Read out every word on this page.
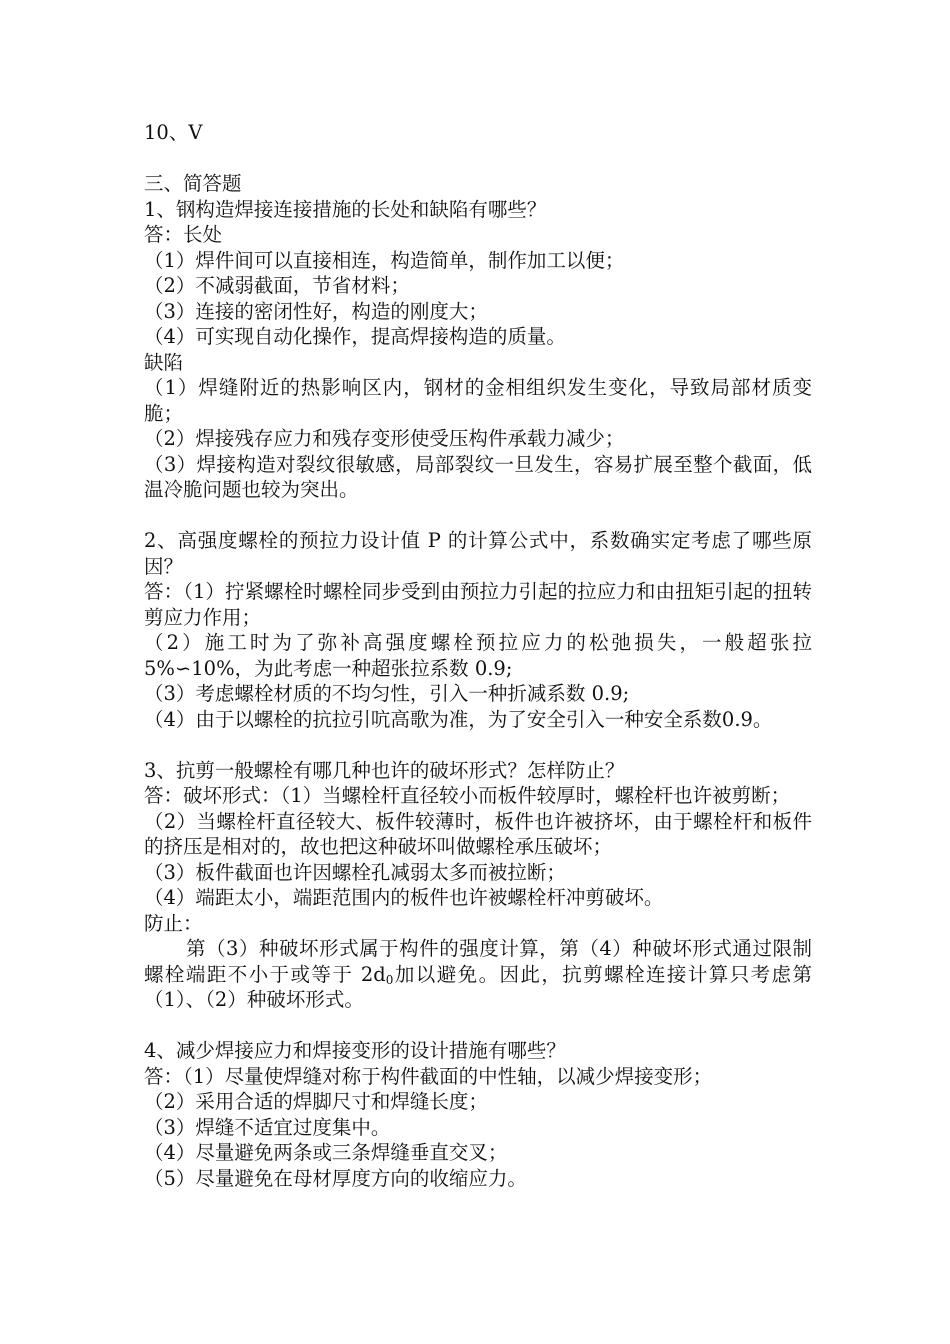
10、V
三、简答题
1、钢构造焊接连接措施的长处和缺陷有哪些？
答：长处
（1）焊件间可以直接相连，构造简单，制作加工以便；
（2）不减弱截面，节省材料；
（3）连接的密闭性好，构造的刚度大；
（4）可实现自动化操作，提高焊接构造的质量。
缺陷
（1）焊缝附近的热影响区内，钢材的金相组织发生变化，导致局部材质变脆；
（2）焊接残存应力和残存变形使受压构件承载力减少；
（3）焊接构造对裂纹很敏感，局部裂纹一旦发生，容易扩展至整个截面，低温冷脆问题也较为突出。
2、高强度螺栓的预拉力设计值 P 的计算公式中，系数确实定考虑了哪些原因？
答：（1）拧紧螺栓时螺栓同步受到由预拉力引起的拉应力和由扭矩引起的扭转剪应力作用；
（2）施工时为了弥补高强度螺栓预拉应力的松弛损失，一般超张拉5%∽10%，为此考虑一种超张拉系数 0.9;
（3）考虑螺栓材质的不均匀性，引入一种折减系数 0.9;
（4）由于以螺栓的抗拉引吭高歌为准，为了安全引入一种安全系数0.9。
3、抗剪一般螺栓有哪几种也许的破坏形式？怎样防止？
答：破坏形式：（1）当螺栓杆直径较小而板件较厚时，螺栓杆也许被剪断；
（2）当螺栓杆直径较大、板件较薄时，板件也许被挤坏，由于螺栓杆和板件的挤压是相对的，故也把这种破坏叫做螺栓承压破坏；
（3）板件截面也许因螺栓孔减弱太多而被拉断；
（4）端距太小，端距范围内的板件也许被螺栓杆冲剪破坏。
防止：
第（3）种破坏形式属于构件的强度计算，第（4）种破坏形式通过限制螺栓端距不小于或等于 $2d_0$加以避免。因此，抗剪螺栓连接计算只考虑第（1）、（2）种破坏形式。
4、减少焊接应力和焊接变形的设计措施有哪些？
答：（1）尽量使焊缝对称于构件截面的中性轴，以减少焊接变形；
（2）采用合适的焊脚尺寸和焊缝长度；
（3）焊缝不适宜过度集中。
（4）尽量避免两条或三条焊缝垂直交叉；
（5）尽量避免在母材厚度方向的收缩应力。
